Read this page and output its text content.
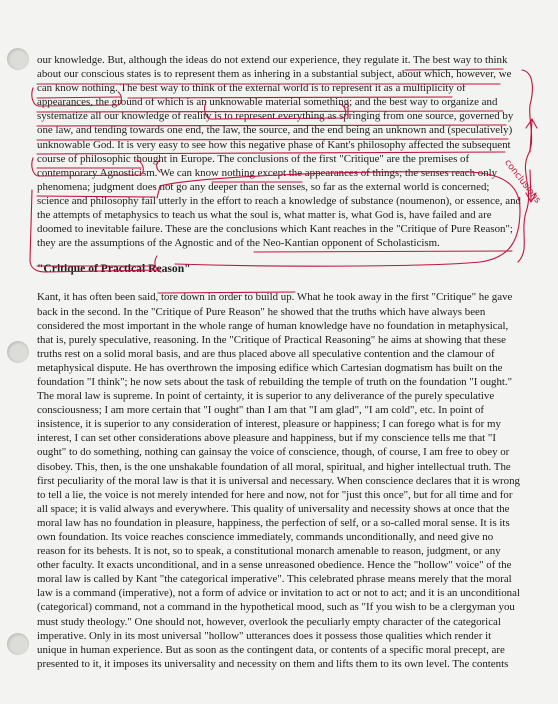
our knowledge. But, although the ideas do not extend our experience, they regulate it. The best way to think
about our conscious states is to represent them as inhering in a substantial subject, about which, however, we
can know nothing. The best way to think of the external world is to represent it as a multiplicity of
appearances, the ground of which is an unknowable material something; and the best way to organize and
systematize all our knowledge of reality is to represent everything as springing from one source, governed by
one law, and tending towards one end, the law, the source, and the end being an unknown and (speculatively)
unknowable God. It is very easy to see how this negative phase of Kant's philosophy affected the subsequent
course of philosophic thought in Europe. The conclusions of the first "Critique" are the premises of
contemporary Agnosticism. We can know nothing except the appearances of things; the senses reach only
phenomena; judgment does not go any deeper than the senses, so far as the external world is concerned;
science and philosophy fail utterly in the effort to reach a knowledge of substance (noumenon), or essence, and
the attempts of metaphysics to teach us what the soul is, what matter is, what God is, have failed and are
doomed to inevitable failure. These are the conclusions which Kant reaches in the "Critique of Pure Reason";
they are the assumptions of the Agnostic and of the Neo-Kantian opponent of Scholasticism.
"Critique of Practical Reason"
Kant, it has often been said, tore down in order to build up. What he took away in the first "Critique" he gave
back in the second. In the "Critique of Pure Reason" he showed that the truths which have always been
considered the most important in the whole range of human knowledge have no foundation in metaphysical,
that is, purely speculative, reasoning. In the "Critique of Practical Reasoning" he aims at showing that these
truths rest on a solid moral basis, and are thus placed above all speculative contention and the clamour of
metaphysical dispute. He has overthrown the imposing edifice which Cartesian dogmatism has built on the
foundation "I think"; he now sets about the task of rebuilding the temple of truth on the foundation "I ought."
The moral law is supreme. In point of certainty, it is superior to any deliverance of the purely speculative
consciousness; I am more certain that "I ought" than I am that "I am glad", "I am cold", etc. In point of
insistence, it is superior to any consideration of interest, pleasure or happiness; I can forego what is for my
interest, I can set other considerations above pleasure and happiness, but if my conscience tells me that "I
ought" to do something, nothing can gainsay the voice of conscience, though, of course, I am free to obey or
disobey. This, then, is the one unshakable foundation of all moral, spiritual, and higher intellectual truth. The
first peculiarity of the moral law is that it is universal and necessary. When conscience declares that it is wrong
to tell a lie, the voice is not merely intended for here and now, not for "just this once", but for all time and for
all space; it is valid always and everywhere. This quality of universality and necessity shows at once that the
moral law has no foundation in pleasure, happiness, the perfection of self, or a so-called moral sense. It is its
own foundation. Its voice reaches conscience immediately, commands unconditionally, and need give no
reason for its behests. It is not, so to speak, a constitutional monarch amenable to reason, judgment, or any
other faculty. It exacts unconditional, and in a sense unreasoned obedience. Hence the "hollow" voice" of the
moral law is called by Kant "the categorical imperative". This celebrated phrase means merely that the moral
law is a command (imperative), not a form of advice or invitation to act or not to act; and it is an unconditional
(categorical) command, not a command in the hypothetical mood, such as "If you wish to be a clergyman you
must study theology." One should not, however, overlook the peculiarly empty character of the categorical
imperative. Only in its most universal "hollow" utterances does it possess those qualities which render it
unique in human experience. But as soon as the contingent data, or contents of a specific moral precept, are
presented to it, it imposes its universality and necessity on them and lifts them to its own level. The contents
conclusions
